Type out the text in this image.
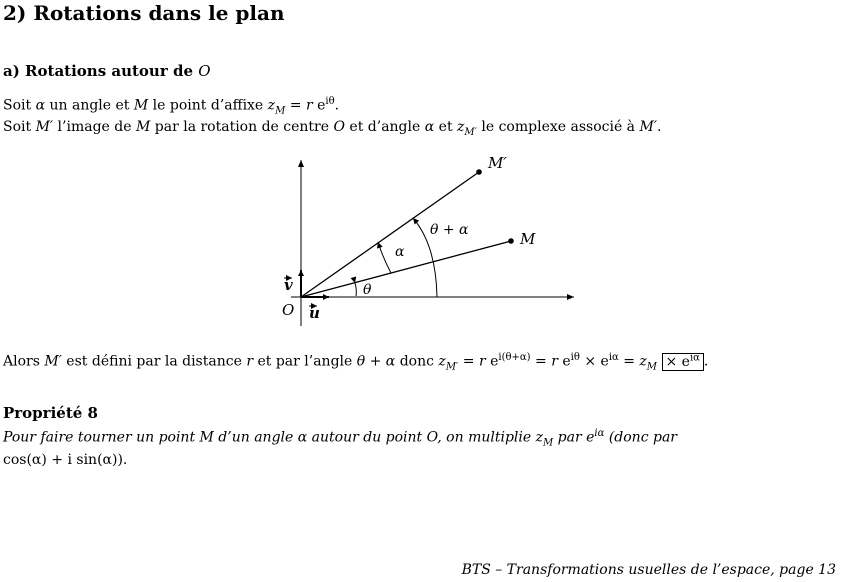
2) Rotations dans le plan
a) Rotations autour de O
Soit α un angle et M le point d’affixe $z_M = r$ $e^{i\theta}$.
Soit M′ l’image de M par la rotation de centre O et d’angle α et $z_{M'}$ le complexe associé à M′.
M′
M
θ + α
α
θ
v
u
O
Alors M′ est défini par la distance r et par l’angle θ + α donc $z_{M'} = r$ $e^{i(\theta+\alpha)} = r$ $e^{i\theta} \times e^{i\alpha} = z_M \times e^{i\alpha}$ .
Propriété 8
Pour faire tourner un point M d’un angle α autour du point O, on multiplie $z_M$ par $e^{i\alpha}$ (donc par
cos(α) + i sin(α)).
BTS – Transformations usuelles de l’espace, page 13
